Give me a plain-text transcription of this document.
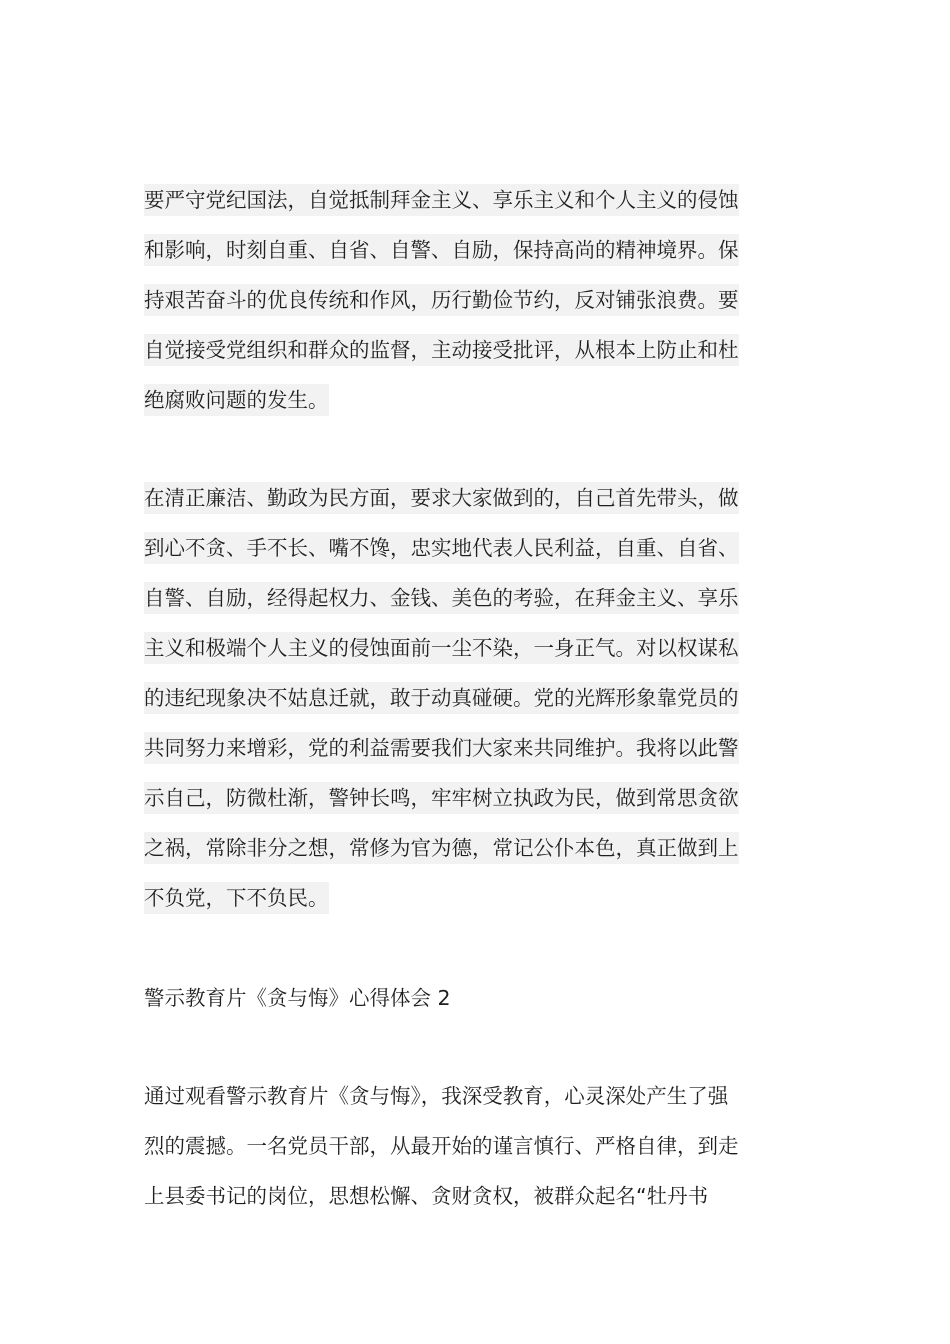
要严守党纪国法，自觉抵制拜金主义、享乐主义和个人主义的侵蚀
和影响，时刻自重、自省、自警、自励，保持高尚的精神境界。保
持艰苦奋斗的优良传统和作风，历行勤俭节约，反对铺张浪费。要
自觉接受党组织和群众的监督，主动接受批评，从根本上防止和杜
绝腐败问题的发生。
在清正廉洁、勤政为民方面，要求大家做到的，自己首先带头，做
到心不贪、手不长、嘴不馋，忠实地代表人民利益，自重、自省、
自警、自励，经得起权力、金钱、美色的考验，在拜金主义、享乐
主义和极端个人主义的侵蚀面前一尘不染，一身正气。对以权谋私
的违纪现象决不姑息迁就，敢于动真碰硬。党的光辉形象靠党员的
共同努力来增彩，党的利益需要我们大家来共同维护。我将以此警
示自己，防微杜渐，警钟长鸣，牢牢树立执政为民，做到常思贪欲
之祸，常除非分之想，常修为官为德，常记公仆本色，真正做到上
不负党，下不负民。
警示教育片《贪与悔》心得体会 2
通过观看警示教育片《贪与悔》，我深受教育，心灵深处产生了强
烈的震撼。一名党员干部，从最开始的谨言慎行、严格自律，到走
上县委书记的岗位，思想松懈、贪财贪权，被群众起名“牡丹书
